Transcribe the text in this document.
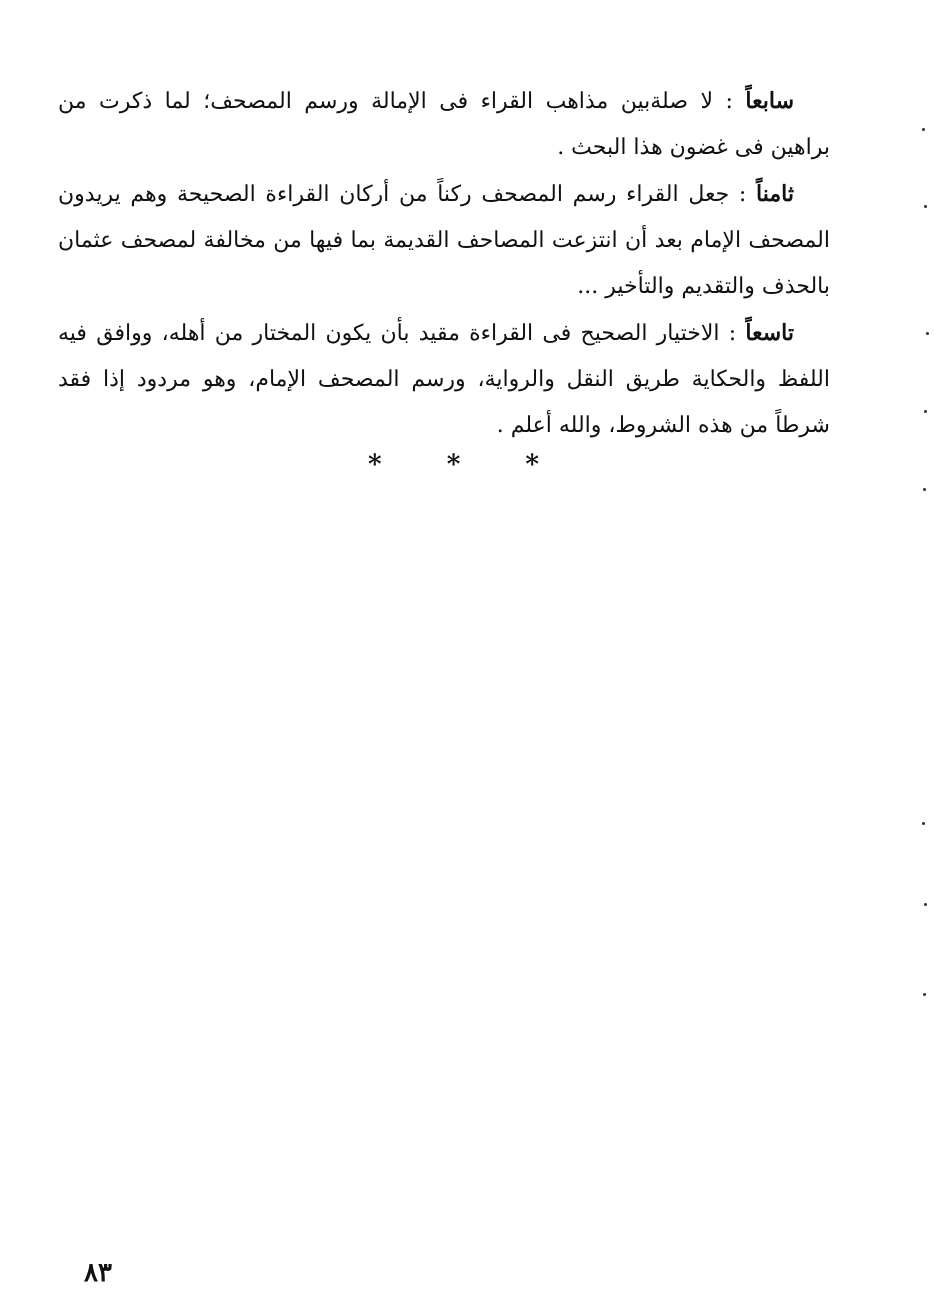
سابعاً : لا صلةبين مذاهب القراء فى الإمالة ورسم المصحف؛ لما ذكرت من براهين فى غضون هذا البحث .

ثامناً : جعل القراء رسم المصحف ركناً من أركان القراءة الصحيحة وهم يريدون المصحف الإمام بعد أن انتزعت المصاحف القديمة بما فيها من مخالفة لمصحف عثمان بالحذف والتقديم والتأخير ...

تاسعاً : الاختيار الصحيح فى القراءة مقيد بأن يكون المختار من أهله، ووافق فيه اللفظ والحكاية طريق النقل والرواية، ورسم المصحف الإمام، وهو مردود إذا فقد شرطاً من هذه الشروط، والله أعلم .

* * *
٨٣
